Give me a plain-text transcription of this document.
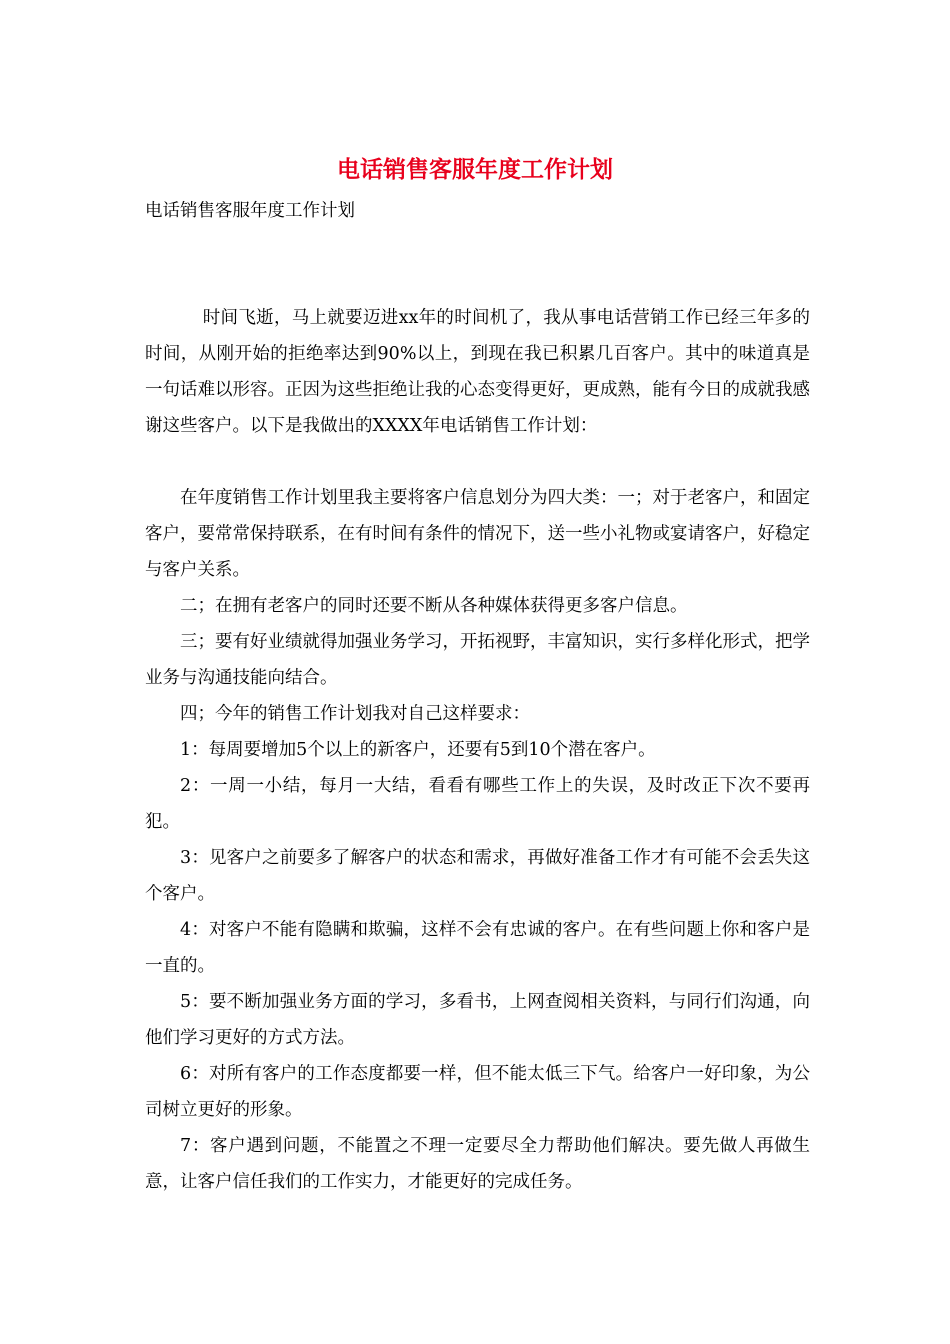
电话销售客服年度工作计划

电话销售客服年度工作计划

时间飞逝，马上就要迈进xx年的时间机了，我从事电话营销工作已经三年多的时间，从刚开始的拒绝率达到90%以上，到现在我已积累几百客户。其中的味道真是一句话难以形容。正因为这些拒绝让我的心态变得更好，更成熟，能有今日的成就我感谢这些客户。以下是我做出的XXXX年电话销售工作计划：

在年度销售工作计划里我主要将客户信息划分为四大类：一；对于老客户，和固定客户，要常常保持联系，在有时间有条件的情况下，送一些小礼物或宴请客户，好稳定与客户关系。

二；在拥有老客户的同时还要不断从各种媒体获得更多客户信息。

三；要有好业绩就得加强业务学习，开拓视野，丰富知识，实行多样化形式，把学业务与沟通技能向结合。

四；今年的销售工作计划我对自己这样要求：

1：每周要增加5个以上的新客户，还要有5到10个潜在客户。

2：一周一小结，每月一大结，看看有哪些工作上的失误，及时改正下次不要再犯。

3：见客户之前要多了解客户的状态和需求，再做好准备工作才有可能不会丢失这个客户。

4：对客户不能有隐瞒和欺骗，这样不会有忠诚的客户。在有些问题上你和客户是一直的。

5：要不断加强业务方面的学习，多看书，上网查阅相关资料，与同行们沟通，向他们学习更好的方式方法。

6：对所有客户的工作态度都要一样，但不能太低三下气。给客户一好印象，为公司树立更好的形象。

7：客户遇到问题，不能置之不理一定要尽全力帮助他们解决。要先做人再做生意，让客户信任我们的工作实力，才能更好的完成任务。
